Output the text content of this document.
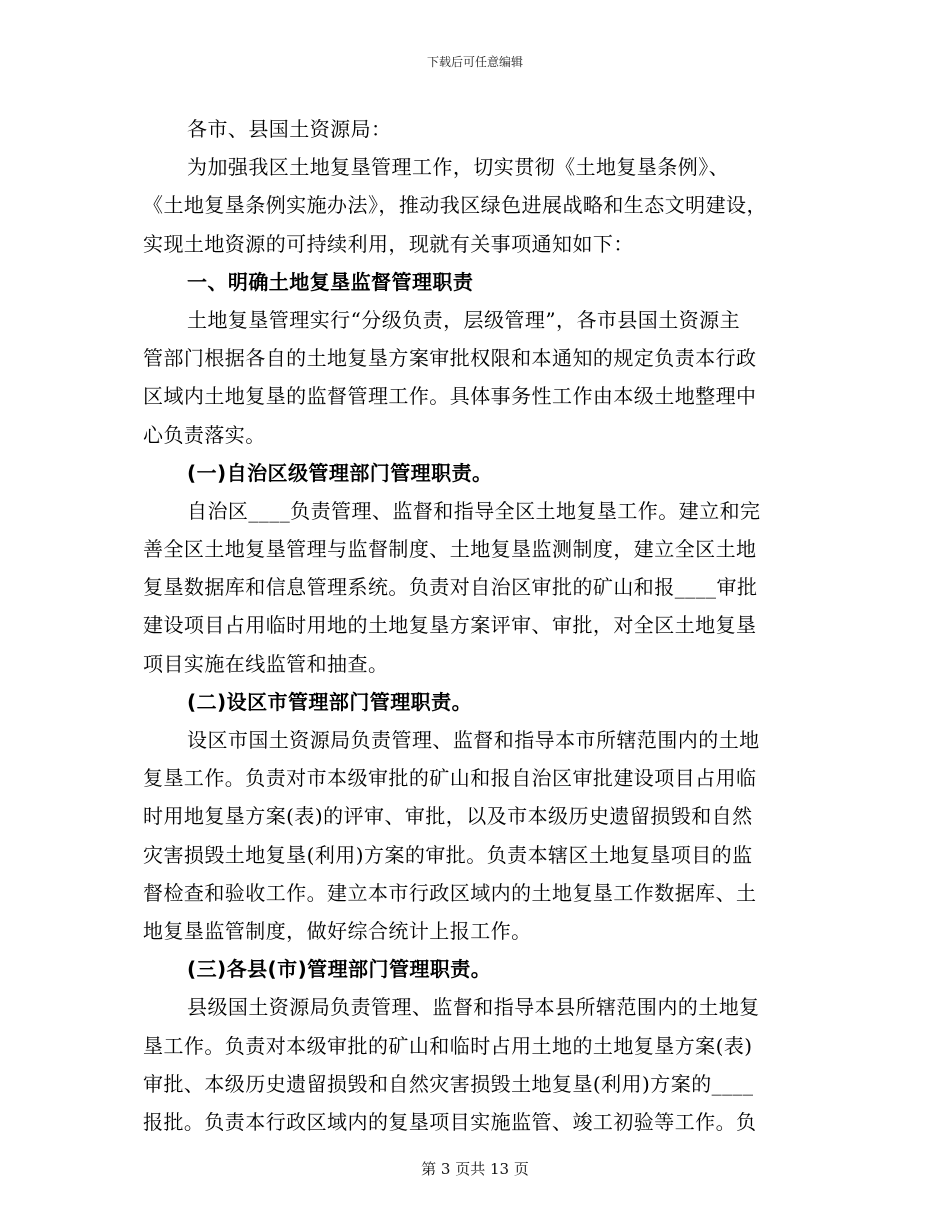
下载后可任意编辑
各市、县国土资源局：
为加强我区土地复垦管理工作，切实贯彻《土地复垦条例》、
《土地复垦条例实施办法》，推动我区绿色进展战略和生态文明建设，
实现土地资源的可持续利用，现就有关事项通知如下：
一、明确土地复垦监督管理职责
土地复垦管理实行“分级负责，层级管理”，各市县国土资源主
管部门根据各自的土地复垦方案审批权限和本通知的规定负责本行政
区域内土地复垦的监督管理工作。具体事务性工作由本级土地整理中
心负责落实。
(一)自治区级管理部门管理职责。
自治区____负责管理、监督和指导全区土地复垦工作。建立和完
善全区土地复垦管理与监督制度、土地复垦监测制度，建立全区土地
复垦数据库和信息管理系统。负责对自治区审批的矿山和报____审批
建设项目占用临时用地的土地复垦方案评审、审批，对全区土地复垦
项目实施在线监管和抽查。
(二)设区市管理部门管理职责。
设区市国土资源局负责管理、监督和指导本市所辖范围内的土地
复垦工作。负责对市本级审批的矿山和报自治区审批建设项目占用临
时用地复垦方案(表)的评审、审批，以及市本级历史遗留损毁和自然
灾害损毁土地复垦(利用)方案的审批。负责本辖区土地复垦项目的监
督检查和验收工作。建立本市行政区域内的土地复垦工作数据库、土
地复垦监管制度，做好综合统计上报工作。
(三)各县(市)管理部门管理职责。
县级国土资源局负责管理、监督和指导本县所辖范围内的土地复
垦工作。负责对本级审批的矿山和临时占用土地的土地复垦方案(表)
审批、本级历史遗留损毁和自然灾害损毁土地复垦(利用)方案的____
报批。负责本行政区域内的复垦项目实施监管、竣工初验等工作。负
第 3 页共 13 页
